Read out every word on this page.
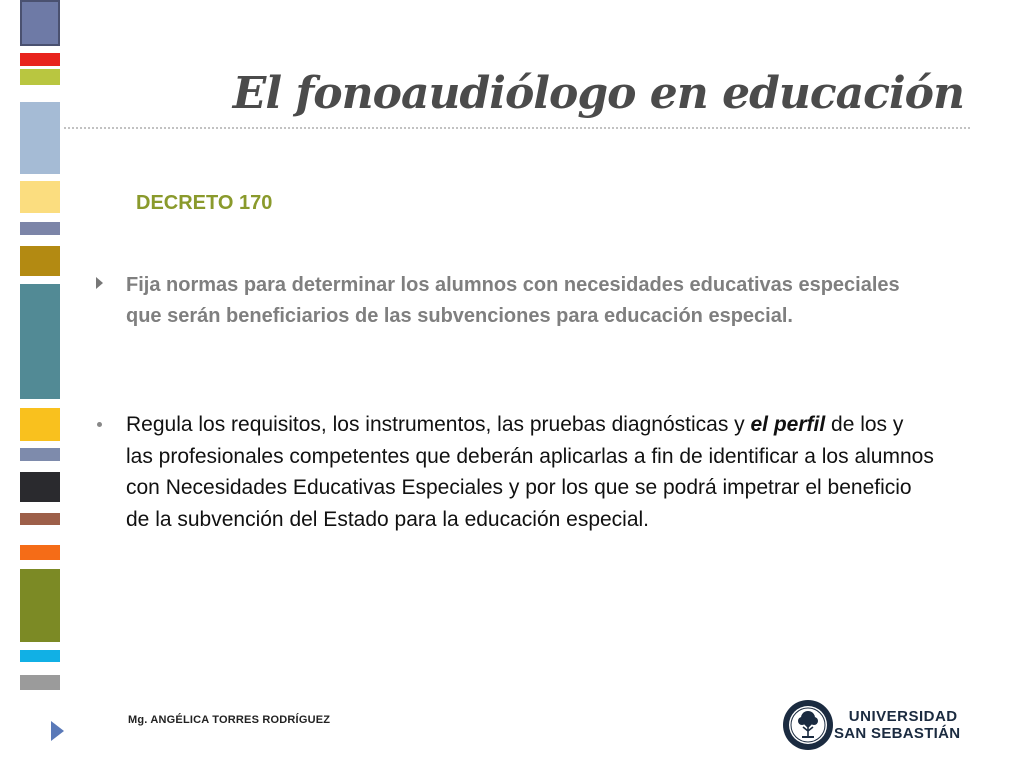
El fonoaudiólogo en educación
DECRETO 170
Fija normas para determinar los alumnos con necesidades educativas especiales que serán beneficiarios de las subvenciones para educación especial.
Regula los requisitos, los instrumentos, las pruebas diagnósticas y el perfil de los y las profesionales competentes que deberán aplicarlas a fin de identificar a los alumnos con Necesidades Educativas Especiales y por los que se podrá impetrar el beneficio de la subvención del Estado para la educación especial.
Mg. ANGÉLICA TORRES RODRÍGUEZ	UNIVERSIDAD
SAN SEBASTIÁN
